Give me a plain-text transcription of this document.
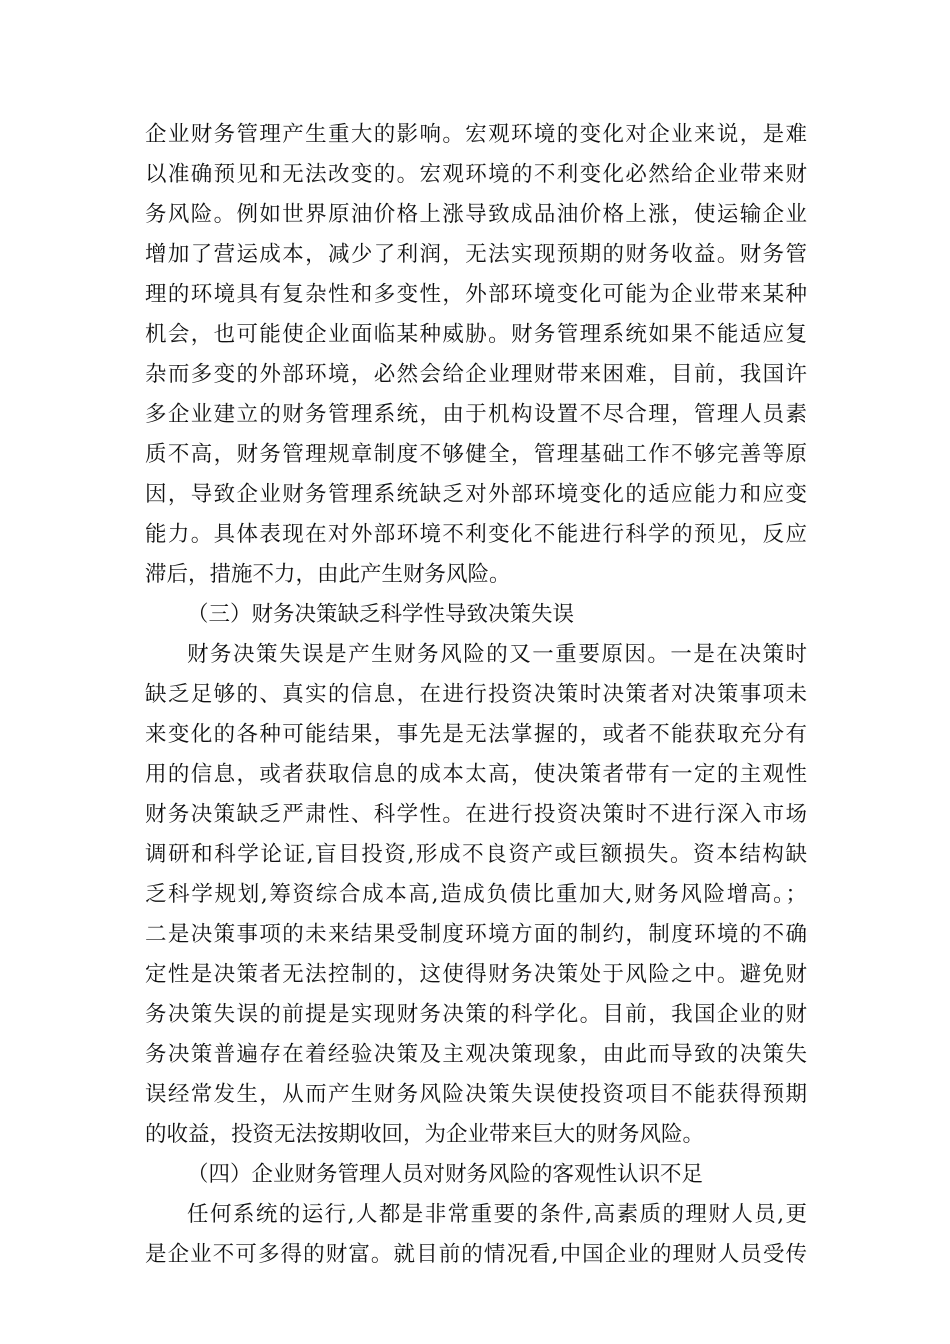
企业财务管理产生重大的影响。宏观环境的变化对企业来说，是难
以准确预见和无法改变的。宏观环境的不利变化必然给企业带来财
务风险。例如世界原油价格上涨导致成品油价格上涨，使运输企业
增加了营运成本，减少了利润，无法实现预期的财务收益。财务管
理的环境具有复杂性和多变性，外部环境变化可能为企业带来某种
机会，也可能使企业面临某种威胁。财务管理系统如果不能适应复
杂而多变的外部环境，必然会给企业理财带来困难，目前，我国许
多企业建立的财务管理系统，由于机构设置不尽合理，管理人员素
质不高，财务管理规章制度不够健全，管理基础工作不够完善等原
因，导致企业财务管理系统缺乏对外部环境变化的适应能力和应变
能力。具体表现在对外部环境不利变化不能进行科学的预见，反应
滞后，措施不力，由此产生财务风险。
（三）财务决策缺乏科学性导致决策失误
财务决策失误是产生财务风险的又一重要原因。一是在决策时
缺乏足够的、真实的信息，在进行投资决策时决策者对决策事项未
来变化的各种可能结果，事先是无法掌握的，或者不能获取充分有
用的信息，或者获取信息的成本太高，使决策者带有一定的主观性
财务决策缺乏严肃性、科学性。在进行投资决策时不进行深入市场
调研和科学论证,盲目投资,形成不良资产或巨额损失。资本结构缺
乏科学规划,筹资综合成本高,造成负债比重加大,财务风险增高。；
二是决策事项的未来结果受制度环境方面的制约，制度环境的不确
定性是决策者无法控制的，这使得财务决策处于风险之中。避免财
务决策失误的前提是实现财务决策的科学化。目前，我国企业的财
务决策普遍存在着经验决策及主观决策现象，由此而导致的决策失
误经常发生，从而产生财务风险决策失误使投资项目不能获得预期
的收益，投资无法按期收回，为企业带来巨大的财务风险。
（四）企业财务管理人员对财务风险的客观性认识不足
任何系统的运行,人都是非常重要的条件,高素质的理财人员,更
是企业不可多得的财富。就目前的情况看,中国企业的理财人员受传
